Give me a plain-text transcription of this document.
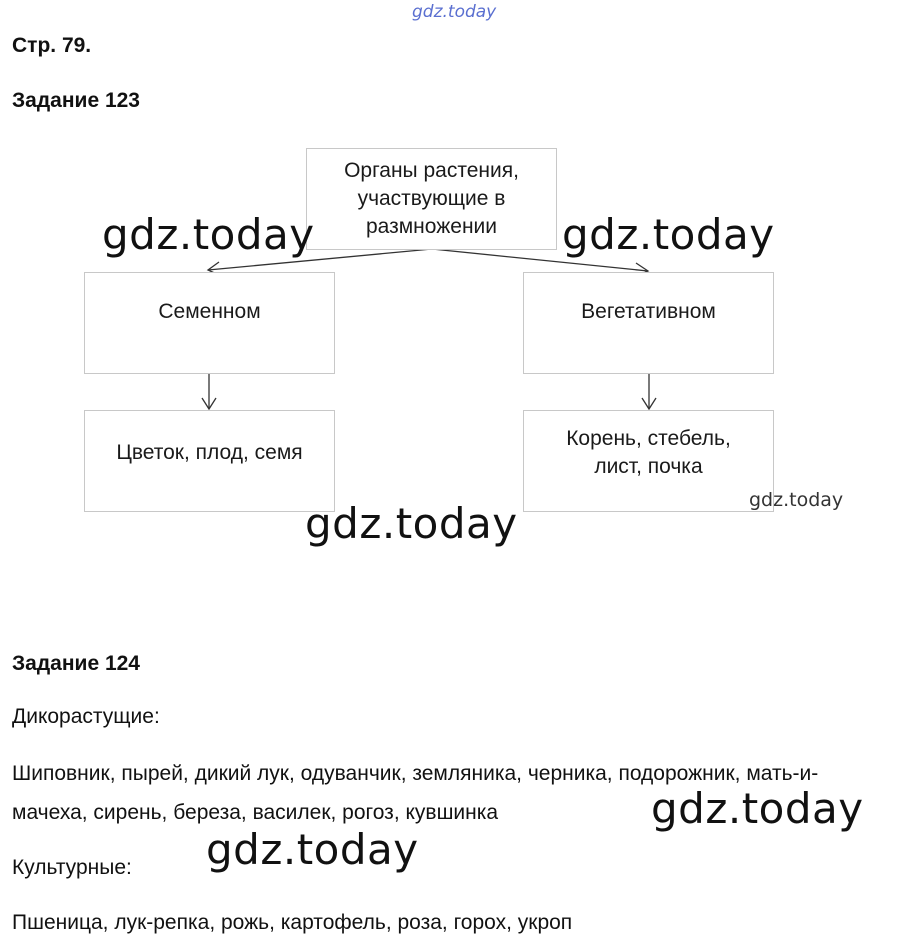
gdz.today
Стр. 79.
Задание 123
Органы растения,
участвующие в
размножении
Семенном	Вегетативном
Цветок, плод, семя
Корень, стебель,
лист, почка
gdz.today	gdz.today
gdz.today
gdz.today
Задание 124
Дикорастущие:
Шиповник, пырей, дикий лук, одуванчик, земляника, черника, подорожник, мать-и-
мачеха, сирень, береза, василек, рогоз, кувшинка
Культурные:
Пшеница, лук-репка, рожь, картофель, роза, горох, укроп
gdz.today
gdz.today
